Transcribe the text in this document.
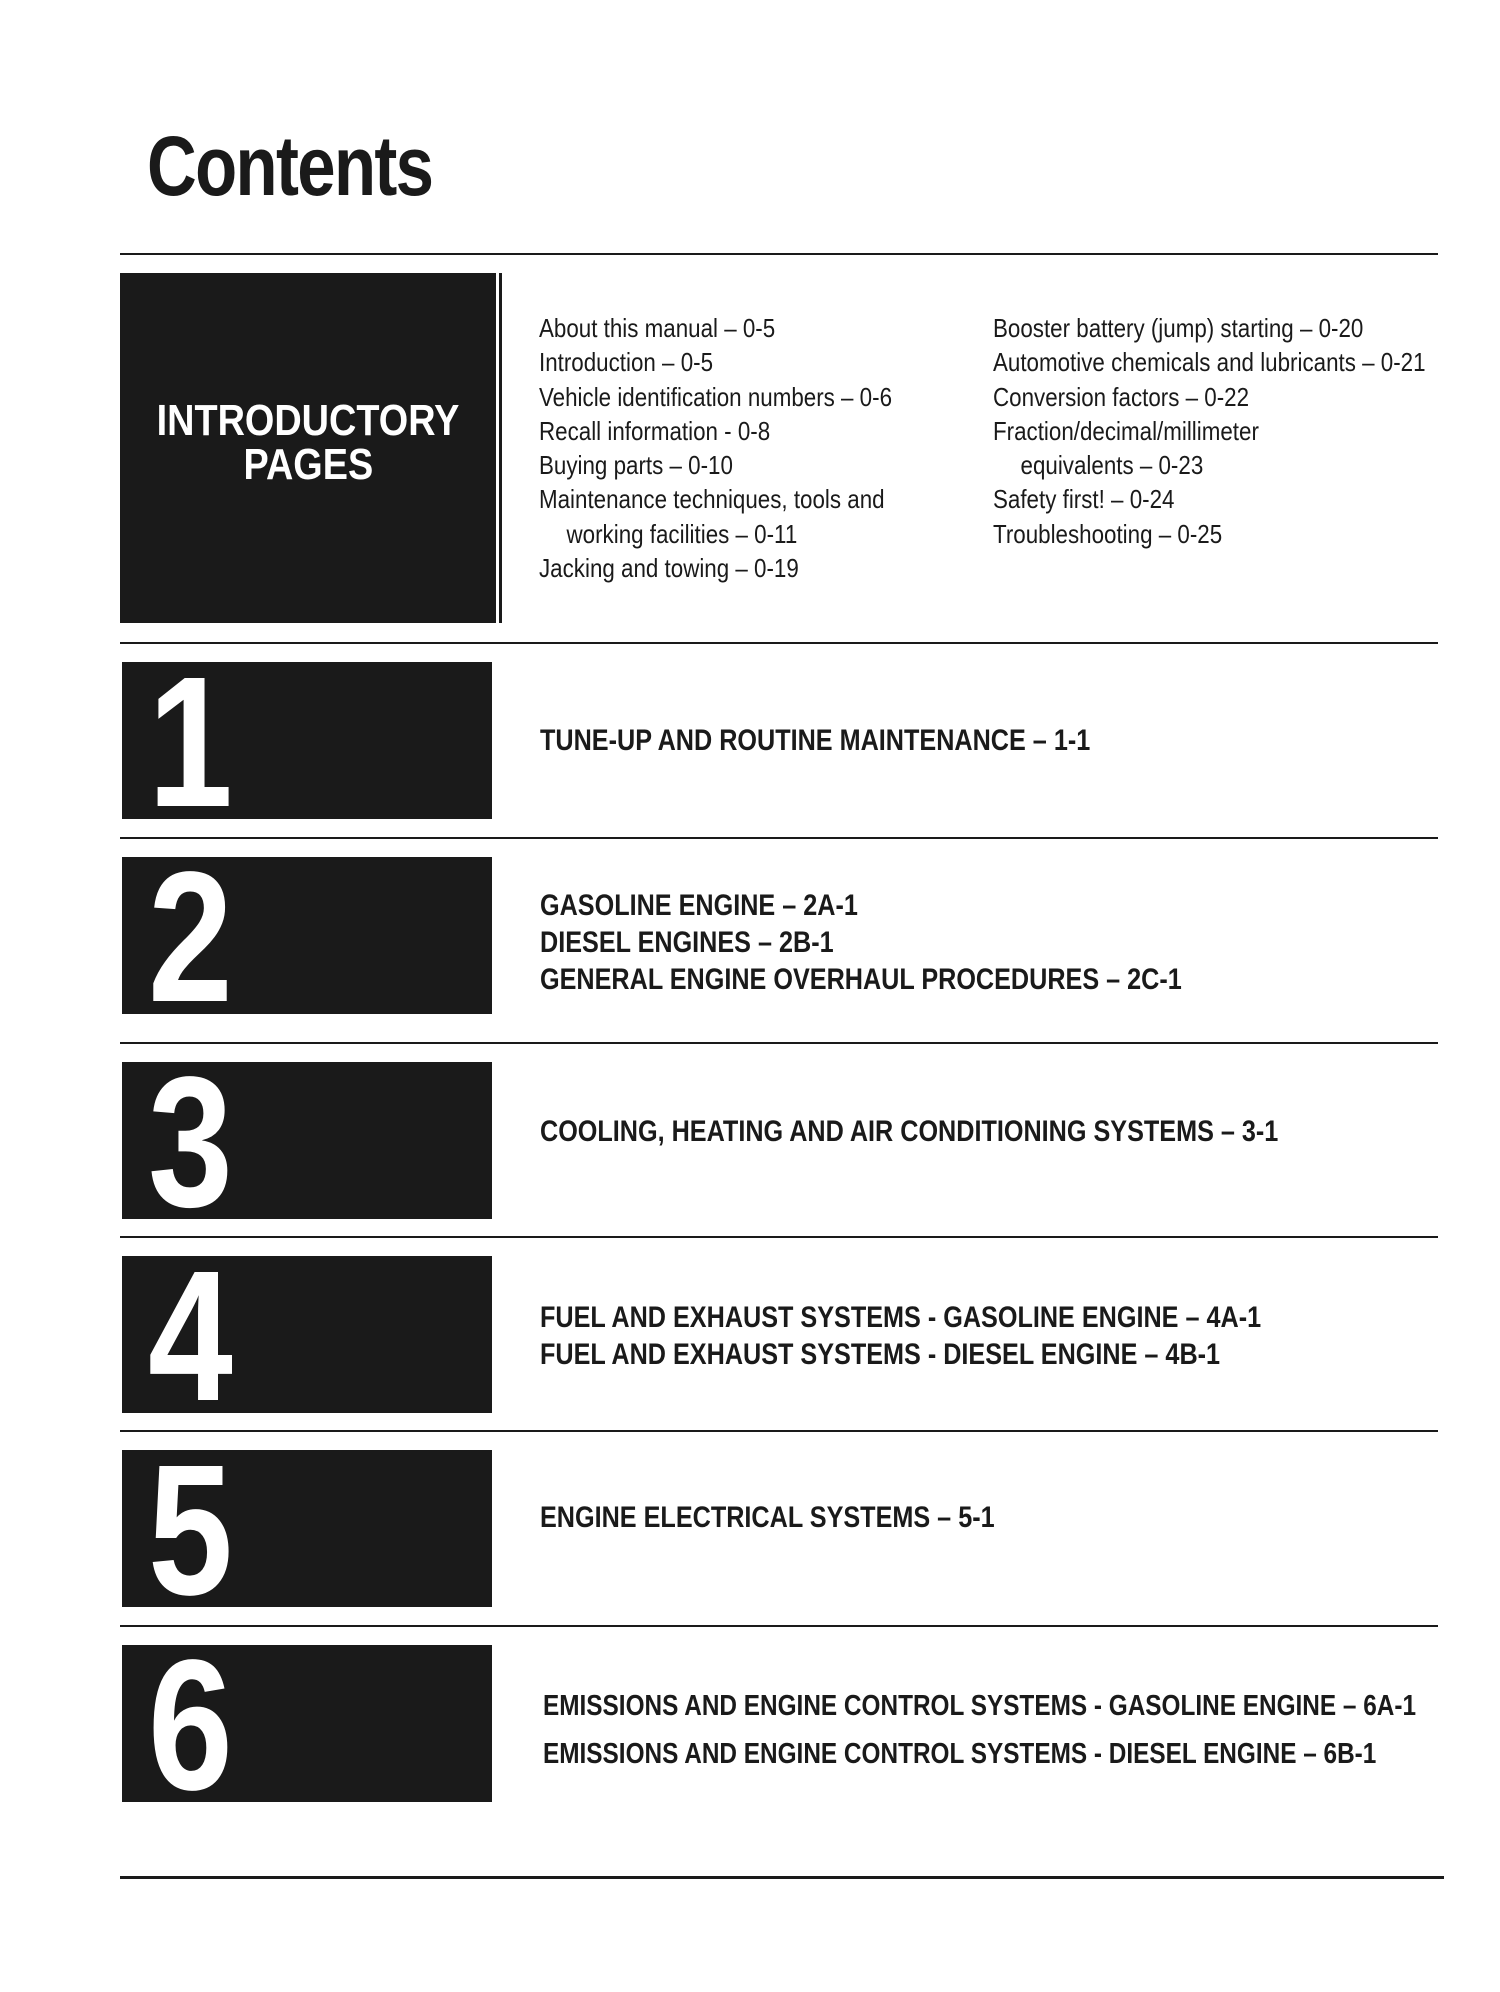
Contents
INTRODUCTORY
PAGES
About this manual – 0-5
Introduction – 0-5
Vehicle identification numbers – 0-6
Recall information - 0-8
Buying parts – 0-10
Maintenance techniques, tools and
working facilities – 0-11
Jacking and towing – 0-19
Booster battery (jump) starting – 0-20
Automotive chemicals and lubricants – 0-21
Conversion factors – 0-22
Fraction/decimal/millimeter
equivalents – 0-23
Safety first! – 0-24
Troubleshooting – 0-25
1	TUNE-UP AND ROUTINE MAINTENANCE – 1-1
2	GASOLINE ENGINE – 2A-1
DIESEL ENGINES – 2B-1
GENERAL ENGINE OVERHAUL PROCEDURES – 2C-1
3	COOLING, HEATING AND AIR CONDITIONING SYSTEMS – 3-1
4	FUEL AND EXHAUST SYSTEMS - GASOLINE ENGINE – 4A-1
FUEL AND EXHAUST SYSTEMS - DIESEL ENGINE – 4B-1
5	ENGINE ELECTRICAL SYSTEMS – 5-1
6	EMISSIONS AND ENGINE CONTROL SYSTEMS - GASOLINE ENGINE – 6A-1
EMISSIONS AND ENGINE CONTROL SYSTEMS - DIESEL ENGINE – 6B-1
